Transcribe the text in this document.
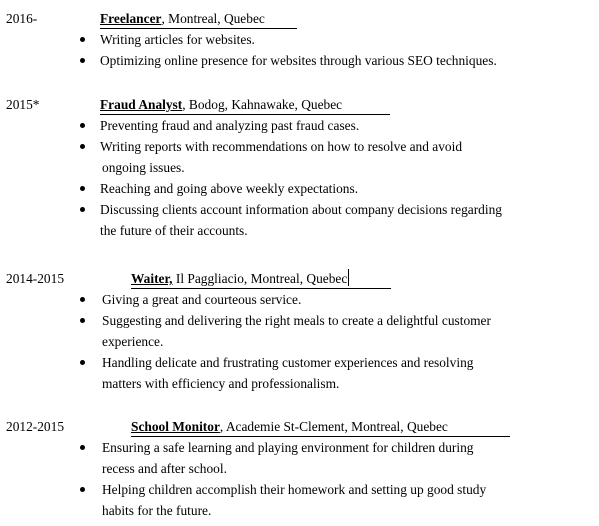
2016-	Freelancer, Montreal, Quebec
Writing articles for websites.
Optimizing online presence for websites through various SEO techniques.
2015*	Fraud Analyst, Bodog, Kahnawake, Quebec
Preventing fraud and analyzing past fraud cases.
Writing reports with recommendations on how to resolve and avoid
ongoing issues.
Reaching and going above weekly expectations.
Discussing clients account information about company decisions regarding
the future of their accounts.
2014-2015	Waiter, Il Paggliacio, Montreal, Quebec
Giving a great and courteous service.
Suggesting and delivering the right meals to create a delightful customer
experience.
Handling delicate and frustrating customer experiences and resolving
matters with efficiency and professionalism.
2012-2015	School Monitor, Academie St-Clement, Montreal, Quebec
Ensuring a safe learning and playing environment for children during
recess and after school.
Helping children accomplish their homework and setting up good study
habits for the future.
